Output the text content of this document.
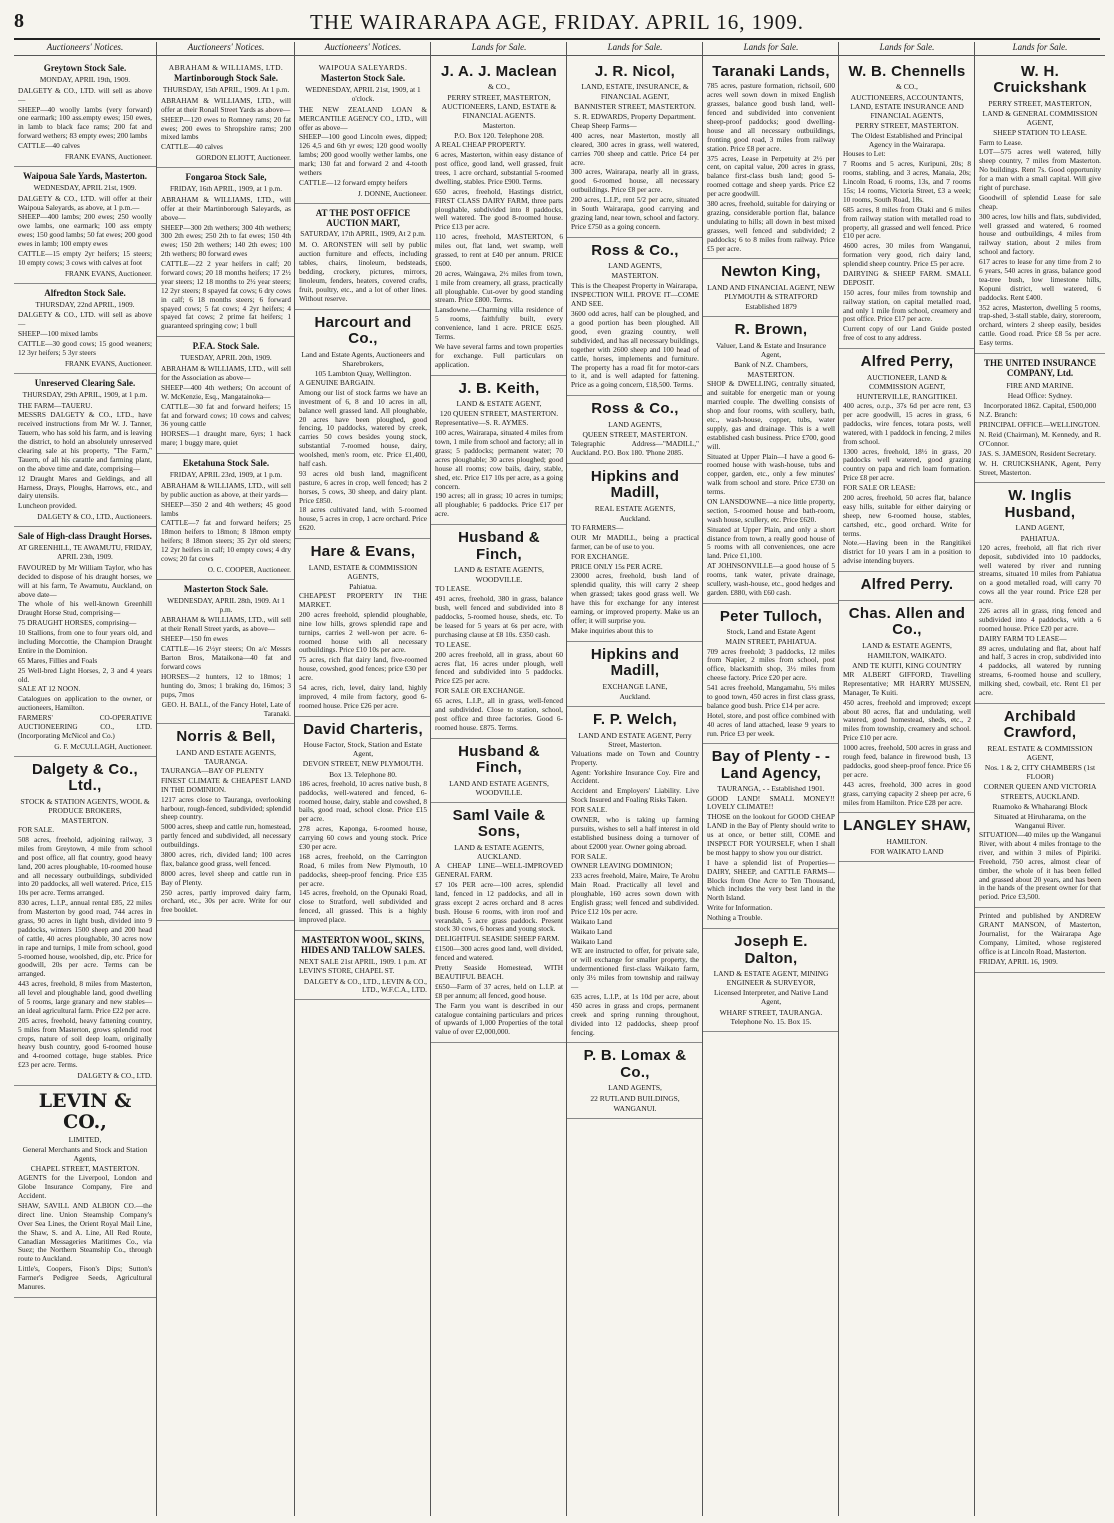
8	THE WAIRARAPA AGE, FRIDAY. APRIL 16, 1909.
Auctioneers' Notices.
Greytown Stock Sale.
MONDAY, APRIL 19th, 1909.

DALGETY & CO., LTD. will sell as above—

SHEEP—40 woolly lambs (very forward) one earmark; 100 ass.empty ewes; 150 ewes, in lamb to black face rams; 200 fat and forward wethers; 83 empty ewes; 200 lambs

CATTLE—40 calves

FRANK EVANS, Auctioneer.
Waipoua Sale Yards, Masterton.
WEDNESDAY, APRIL 21st, 1909.

DALGETY & CO., LTD. will offer at their Waipoua Saleyards, as above, at 1 p.m.—

SHEEP—400 lambs; 200 ewes; 250 woolly owe lambs, one earmark; 100 ass empty ewes; 150 good lambs; 50 fat ewes; 200 good ewes in lamb; 100 empty ewes

CATTLE—15 empty 2yr heifers; 15 steers; 10 empty cows; 3 cows with calves at foot

FRANK EVANS, Auctioneer.
Alfredton Stock Sale.
THURSDAY, 22nd APRIL, 1909.

DALGETY & CO., LTD. will sell as above—

SHEEP—100 mixed lambs

CATTLE—30 good cows; 15 good weaners; 12 3yr heifers; 5 3yr steers

FRANK EVANS, Auctioneer.
Unreserved Clearing Sale.
THURSDAY, 29th APRIL, 1909, at 1 p.m.

THE FARM—TAUERU.

MESSRS DALGETY & CO., LTD., have received instructions from Mr W. J. Tanner, Tauern, who has sold his farm, and is leaving the district, to hold an absolutely unreserved clearing sale at his property, "The Farm," Tauern, of all his carattle and farming plant, on the above time and date, comprising—

12 Draught Mares and Geldings, and all Harness, Drays, Ploughs, Harrows, etc., and dairy utensils.

Luncheon provided.

DALGETY & CO., LTD., Auctioneers.
Sale of High-class Draught Horses.
AT GREENHILL, TE AWAMUTU, FRIDAY, APRIL 23th, 1909.

FAVOURED by Mr William Taylor, who has decided to dispose of his draught horses, we will at his farm, Te Awamutu, Auckland, on above date—

The whole of his well-known Greenhill Draught Horse Stud, comprising—

75 DRAUGHT HORSES, comprising—

10 Stallions, from one to four years old, and including Morcottie, the Champion Draught Entire in the Dominion.

65 Mares, Fillies and Foals

25 Well-bred Light Horses, 2, 3 and 4 years old.

SALE AT 12 NOON.

Catalogues on application to the owner, or auctioneers, Hamilton.

FARMERS' CO-OPERATIVE AUCTIONEERING CO., LTD. (Incorporating McNicol and Co.)

G. F. McCULLAGH, Auctioneer.
Dalgety & Co., Ltd.,
STOCK & STATION AGENTS, WOOL & PRODUCE BROKERS,
MASTERTON.

FOR SALE.

508 acres, freehold, adjoining railway, 3 miles from Greytown, 4 mile from school and post office, all flat country, good heavy land, 200 acres ploughable, 10-roomed house and all necessary outbuildings, subdivided into 20 paddocks, all well watered. Price, £15 10s per acre. Terms arranged.

830 acres, L.I.P., annual rental £85, 22 miles from Masterton by good road, 744 acres in grass, 90 acres in light bush, divided into 9 paddocks, winters 1500 sheep and 200 head of cattle, 40 acres ploughable, 30 acres now in rape and turnips, 1 mile from school, good 5-roomed house, woolshed, dip, etc. Price for goodwill, 20s per acre. Terms can be arranged.

443 acres, freehold, 8 miles from Masterton, all level and ploughable land, good dwelling of 5 rooms, large granary and new stables—an ideal agricultural farm. Price £22 per acre.

205 acres, freehold, heavy fattening country, 5 miles from Masterton, grows splendid root crops, nature of soil deep loam, originally heavy bush country, good 6-roomed house and 4-roomed cottage, huge stables. Price £23 per acre. Terms.

DALGETY & CO., LTD.
LEVIN & CO.,
LIMITED,
General Merchants and Stock and Station Agents,
CHAPEL STREET, MASTERTON.

AGENTS for the Liverpool, London and Globe Insurance Company, Fire and Accident.

SHAW, SAVILL AND ALBION CO.—the direct line. Union Steamship Company's Over Sea Lines, the Orient Royal Mail Line, the Shaw, S. and A. Line, All Red Route, Canadian Messageries Maritimes Co., via Suez; the Northern Steamship Co., through route to Auckland.

Little's, Coopers, Fison's Dips; Sutton's Farmer's Pedigree Seeds, Agricultural Manures.

Auctioneers' Notices.
ABRAHAM & WILLIAMS, LTD.
Martinborough Stock Sale.
THURSDAY, 15th APRIL, 1909. At 1 p.m.

ABRAHAM & WILLIAMS, LTD., will offer at their Ronall Street Yards as above—

SHEEP—120 ewes to Romney rams; 20 fat ewes; 200 ewes to Shropshire rams; 200 mixed lambs

CATTLE—40 calves

GORDON ELIOTT, Auctioneer.
Fongaroa Stock Sale,
FRIDAY, 16th APRIL, 1909, at 1 p.m.

ABRAHAM & WILLIAMS, LTD., will offer at their Martinborough Saleyards, as above—

SHEEP—300 2th wethers; 300 4th wethers; 300 2th ewes; 250 2th to fat ewes; 150 4th ewes; 150 2th wethers; 140 2th ewes; 100 2th wethers; 80 forward ewes

CATTLE—22 2 year heifers in calf; 20 forward cows; 20 18 months heifers; 17 2½ year steers; 12 18 months to 2½ year steers; 12 2yr steers; 8 spayed fat cows; 6 dry cows in calf; 6 18 months steers; 6 forward spayed cows; 5 fat cows; 4 2yr heifers; 4 spayed fat cows; 2 prime fat heifers; 1 guaranteed springing cow; 1 bull

P.F.A. Stock Sale.
TUESDAY, APRIL 20th, 1909.

ABRAHAM & WILLIAMS, LTD., will sell for the Association as above—

SHEEP—400 4th wethers; On account of W. McKenzie, Esq., Mangatainoka—

CATTLE—30 fat and forward heifers; 15 fat and forward cows; 10 cows and calves; 36 young cattle

HORSES—1 draught mare, 6yrs; 1 hack mare; 1 buggy mare, quiet

Eketahuna Stock Sale.
FRIDAY, APRIL 23rd, 1909, at 1 p.m.

ABRAHAM & WILLIAMS, LTD., will sell by public auction as above, at their yards—

SHEEP—350 2 and 4th wethers; 45 good lambs

CATTLE—7 fat and forward heifers; 25 18mon heifers to 18mon; 8 18mon empty heifers; 8 18mon steers; 35 2yr old steers; 12 2yr heifers in calf; 10 empty cows; 4 dry cows; 20 fat cows

O. C. COOPER, Auctioneer.
Masterton Stock Sale.
WEDNESDAY, APRIL 28th, 1909. At 1 p.m.

ABRAHAM & WILLIAMS, LTD., will sell at their Renall Street yards, as above—

SHEEP—150 fm ewes

CATTLE—16 2½yr steers; On a/c Messrs Barton Bros, Mataikona—40 fat and forward cows

HORSES—2 hunters, 12 to 18mos; 1 hunting do, 3mos; 1 braking do, 16mos; 3 pups, 7mos

GEO. H. BALL, of the Fancy Hotel, Late of Taranaki.
Norris & Bell,
LAND AND ESTATE AGENTS, TAURANGA.

TAURANGA—BAY OF PLENTY

FINEST CLIMATE & CHEAPEST LAND IN THE DOMINION.

1217 acres close to Tauranga, overlooking harbour, rough-fenced, subdivided; splendid sheep country.

5000 acres, sheep and cattle run, homestead, partly fenced and subdivided, all necessary outbuildings.

3800 acres, rich, divided land; 100 acres flax, balance good grass, well fenced.

8000 acres, level sheep and cattle run in Bay of Plenty.

250 acres, partly improved dairy farm, orchard, etc., 30s per acre. Write for our free booklet.

Auctioneers' Notices.
WAIPOUA SALEYARDS.
Masterton Stock Sale.
WEDNESDAY, APRIL 21st, 1909, at 1 o'clock.

THE NEW ZEALAND LOAN & MERCANTILE AGENCY CO., LTD., will offer as above—

SHEEP—100 good Lincoln ewes, dipped; 126 4,5 and 6th yr ewes; 120 good woolly lambs; 200 good woolly wether lambs, one mark; 130 fat and forward 2 and 4-tooth wethers

CATTLE—12 forward empty heifers

J. DONNE, Auctioneer.
AT THE POST OFFICE AUCTION MART,
SATURDAY, 17th APRIL, 1909, At 2 p.m.

M. O. ARONSTEN will sell by public auction furniture and effects, including tables, chairs, linoleum, bedsteads, bedding, crockery, pictures, mirrors, linoleum, fenders, heaters, covered crafts, fruit, poultry, etc., and a lot of other lines. Without reserve.

Harcourt and Co.,
Land and Estate Agents, Auctioneers and Sharebrokers,
105 Lambton Quay, Wellington.

A GENUINE BARGAIN.

Among our list of stock farms we have an investment of 6, 8 and 10 acres in all, balance well grassed land. All ploughable, 20 acres have been ploughed, good fencing, 10 paddocks, watered by creek, carries 50 cows besides young stock, substantial 7-roomed house, dairy, woolshed, men's room, etc. Price £1,400, half cash.

93 acres old bush land, magnificent pasture, 6 acres in crop, well fenced; has 2 horses, 5 cows, 30 sheep, and dairy plant. Price £850.

18 acres cultivated land, with 5-roomed house, 5 acres in crop, 1 acre orchard. Price £620.

Hare & Evans,
LAND, ESTATE & COMMISSION AGENTS,
Pahiatua.

CHEAPEST PROPERTY IN THE MARKET.

200 acres freehold, splendid ploughable, nine low hills, grows splendid rape and turnips, carries 2 well-won per acre. 6-roomed house with all necessary outbuildings. Price £10 10s per acre.

75 acres, rich flat dairy land, five-roomed house, cowshed, good fences; price £30 per acre.

54 acres, rich, level, dairy land, highly improved, 4 mile from factory, good 6-roomed house. Price £26 per acre.

David Charteris,
House Factor, Stock, Station and Estate Agent,
DEVON STREET, NEW PLYMOUTH.
Box 13. Telephone 80.

186 acres, freehold, 10 acres native bush, 8 paddocks, well-watered and fenced, 6-roomed house, dairy, stable and cowshed, 8 bails, good road, school close. Price £15 per acre.

278 acres, Kaponga, 6-roomed house, carrying 60 cows and young stock. Price £30 per acre.

168 acres, freehold, on the Carrington Road, 6 miles from New Plymouth, 10 paddocks, sheep-proof fencing. Price £35 per acre.

145 acres, freehold, on the Opunaki Road, close to Stratford, well subdivided and fenced, all grassed. This is a highly improved place.

MASTERTON WOOL, SKINS, HIDES AND TALLOW SALES.

NEXT SALE 21st APRIL, 1909. 1 p.m. AT LEVIN'S STORE, CHAPEL ST.

DALGETY & CO., LTD., LEVIN & CO., LTD., W.F.C.A., LTD.
Lands for Sale.
J. A. J. Maclean
& CO.,
PERRY STREET, MASTERTON, AUCTIONEERS, LAND, ESTATE & FINANCIAL AGENTS.
Masterton.
P.O. Box 120. Telephone 208.

A REAL CHEAP PROPERTY.

6 acres, Masterton, within easy distance of post office, good land, well grassed, fruit trees, 1 acre orchard, substantial 5-roomed dwelling, stables. Price £900. Terms.

650 acres, freehold, Hastings district, FIRST CLASS DAIRY FARM, three parts ploughable, subdivided into 8 paddocks, well watered. The good 8-roomed house. Price £13 per acre.

110 acres, freehold, MASTERTON, 6 miles out, flat land, wet swamp, well grassed, to rent at £40 per annum. PRICE £600.

20 acres, Waingawa, 2½ miles from town, 1 mile from creamery, all grass, practically all ploughable. Cut-over by good standing stream. Price £800. Terms.

Lansdowne.—Charming villa residence of 5 rooms, faithfully built, every convenience, land 1 acre. PRICE £625. Terms.

We have several farms and town properties for exchange. Full particulars on application.

J. B. Keith,
LAND & ESTATE AGENT,
120 QUEEN STREET, MASTERTON.

Representative—S. R. AYMES.

100 acres, Wairarapa, situated 4 miles from town, 1 mile from school and factory; all in grass; 5 paddocks; permanent water; 70 acres ploughable; 30 acres ploughed; good house all rooms; cow bails, dairy, stable, shed, etc. Price £17 10s per acre, as a going concern.

190 acres; all in grass; 10 acres in turnips; all ploughable; 6 paddocks. Price £17 per acre.

Husband & Finch,
LAND & ESTATE AGENTS,
WOODVILLE.

TO LEASE.

491 acres, freehold, 380 in grass, balance bush, well fenced and subdivided into 8 paddocks, 5-roomed house, sheds, etc. To be leased for 5 years at 6s per acre, with purchasing clause at £8 10s. £350 cash.

TO LEASE.

200 acres freehold, all in grass, about 60 acres flat, 16 acres under plough, well fenced and subdivided into 5 paddocks. Price £25 per acre.

FOR SALE OR EXCHANGE.

65 acres, L.I.P., all in grass, well-fenced and subdivided. Close to station, school, post office and three factories. Good 6-roomed house. £875. Terms.

Husband & Finch,
LAND AND ESTATE AGENTS, WOODVILLE.
Saml Vaile & Sons,
LAND & ESTATE AGENTS, AUCKLAND.

A CHEAP LINE—WELL-IMPROVED GENERAL FARM.

£7 10s PER acre—100 acres, splendid land, fenced in 12 paddocks, and all in grass except 2 acres orchard and 8 acres bush. House 6 rooms, with iron roof and verandah, 5 acre grass paddock. Present stock 30 cows, 6 horses and young stock.

DELIGHTFUL SEASIDE SHEEP FARM.

£1500—300 acres good land, well divided, fenced and watered.

Pretty Seaside Homestead, WITH BEAUTIFUL BEACH.

£650—Farm of 37 acres, held on L.I.P. at £8 per annum; all fenced, good house.

The Farm you want is described in our catalogue containing particulars and prices of upwards of 1,000 Properties of the total value of over £2,000,000.

Lands for Sale.
J. R. Nicol,
LAND, ESTATE, INSURANCE, & FINANCIAL AGENT,
BANNISTER STREET, MASTERTON.
S. R. EDWARDS, Property Department.

Cheap Sheep Farms—

400 acres, near Masterton, mostly all cleared, 300 acres in grass, well watered, carries 700 sheep and cattle. Price £4 per acre.

300 acres, Wairarapa, nearly all in grass, good 6-roomed house, all necessary outbuildings. Price £8 per acre.

200 acres, L.I.P., rent 5/2 per acre, situated in South Wairarapa, good carrying and grazing land, near town, school and factory. Price £750 as a going concern.

Ross & Co.,
LAND AGENTS,
MASTERTON.

This is the Cheapest Property in Wairarapa,

INSPECTION WILL PROVE IT—COME AND SEE.

3600 odd acres, half can be ploughed, and a good portion has been ploughed. All good, even grazing country, well subdivided, and has all necessary buildings, together with 2600 sheep and 100 head of cattle, horses, implements and furniture. The property has a road fit for motor-cars to it, and is well adapted for fattening. Price as a going concern, £18,500. Terms.

Ross & Co.,
LAND AGENTS,
QUEEN STREET, MASTERTON.

Telegraphic Address—"MADILL," Auckland. P.O. Box 180. 'Phone 2085.

Hipkins and Madill,
REAL ESTATE AGENTS,
Auckland.

TO FARMERS—

OUR Mr MADILL, being a practical farmer, can be of use to you.

FOR EXCHANGE.

PRICE ONLY 15s PER ACRE.

23000 acres, freehold, bush land of splendid quality, this will carry 2 sheep when grassed; takes good grass well. We have this for exchange for any interest earning, or improved property. Make us an offer; it will surprise you.

Make inquiries about this to

Hipkins and Madill,
EXCHANGE LANE,
Auckland.
F. P. Welch,
LAND AND ESTATE AGENT, Perry Street, Masterton.

Valuations made on Town and Country Property.

Agent: Yorkshire Insurance Coy. Fire and Accident.

Accident and Employers' Liability. Live Stock Insured and Foaling Risks Taken.

FOR SALE.

OWNER, who is taking up farming pursuits, wishes to sell a half interest in old established business doing a turnover of about £2000 year. Owner going abroad.

FOR SALE.

OWNER LEAVING DOMINION;

233 acres freehold, Maire, Maire, Te Arohu Main Road. Practically all level and ploughable, 160 acres sown down with English grass; well fenced and subdivided. Price £12 10s per acre.

Waikato Land

Waikato Land

Waikato Land

WE are instructed to offer, for private sale, or will exchange for smaller property, the undermentioned first-class Waikato farm, only 3½ miles from township and railway—

635 acres, L.I.P., at 1s 10d per acre, about 450 acres in grass and crops, permanent creek and spring running throughout, divided into 12 paddocks, sheep proof fencing.

P. B. Lomax & Co.,
LAND AGENTS,
22 RUTLAND BUILDINGS,
WANGANUI.
Lands for Sale.
Taranaki Lands,

785 acres, pasture formation, richsoil, 600 acres well sown down in mixed English grasses, balance good bush land, well-fenced and subdivided into convenient sheep-proof paddocks; good dwelling-house and all necessary outbuildings, fronting good road, 3 miles from railway station. Price £8 per acre.

375 acres, Lease in Perpetuity at 2½ per cent, on capital value, 200 acres in grass, balance first-class bush land; good 5-roomed cottage and sheep yards. Price £2 per acre goodwill.

380 acres, freehold, suitable for dairying or grazing, considerable portion flat, balance undulating to hills; all down in best mixed grasses, well fenced and subdivided; 2 paddocks; 6 to 8 miles from railway. Price £5 per acre.

Newton King,
LAND AND FINANCIAL AGENT, NEW PLYMOUTH & STRATFORD
Established 1879
R. Brown,
Valuer, Land & Estate and Insurance Agent,
Bank of N.Z. Chambers,
MASTERTON.

SHOP & DWELLING, centrally situated, and suitable for energetic man or young married couple. The dwelling consists of shop and four rooms, with scullery, bath, etc., wash-house, copper, tubs, water supply, gas and drainage. This is a well established cash business. Price £700, good will.

Situated at Upper Plain—I have a good 6-roomed house with wash-house, tubs and copper, garden, etc., only a few minutes' walk from school and store. Price £730 on terms.

ON LANSDOWNE—a nice little property, section, 5-roomed house and bath-room, wash house, scullery, etc. Price £620.

Situated at Upper Plain, and only a short distance from town, a really good house of 5 rooms with all conveniences, one acre land. Price £1,100.

AT JOHNSONVILLE—a good house of 5 rooms, tank water, private drainage, scullery, wash-house, etc., good hedges and garden. £880, with £60 cash.

Peter Tulloch,
Stock, Land and Estate Agent
MAIN STREET, PAHIATUA.

709 acres freehold; 3 paddocks, 12 miles from Napier, 2 miles from school, post office, blacksmith shop, 3½ miles from cheese factory. Price £20 per acre.

541 acres freehold, Mangamahu, 5½ miles to good town, 450 acres in first class grass, balance good bush. Price £14 per acre.

Hotel, store, and post office combined with 40 acres of land attached, lease 9 years to run. Price £3 per week.

Bay of Plenty - - Land Agency,
TAURANGA, - - Established 1901.

GOOD LAND! SMALL MONEY!! LOVELY CLIMATE!!

THOSE on the lookout for GOOD CHEAP LAND in the Bay of Plenty should write to us at once, or better still, COME and INSPECT FOR YOURSELF, when I shall be most happy to show you our district.

I have a splendid list of Properties—DAIRY, SHEEP, and CATTLE FARMS—Blocks from One Acre to Ten Thousand, which includes the very best land in the North Island.

Write for Information.

Nothing a Trouble.

Joseph E. Dalton,
LAND & ESTATE AGENT, MINING ENGINEER & SURVEYOR,
Licensed Interpreter, and Native Land Agent,
WHARF STREET, TAURANGA. Telephone No. 15. Box 15.
Lands for Sale.
W. B. Chennells
& CO.,
AUCTIONEERS, ACCOUNTANTS, LAND, ESTATE INSURANCE AND FINANCIAL AGENTS,
PERRY STREET, MASTERTON.
The Oldest Established and Principal Agency in the Wairarapa.

Houses to Let:

7 Rooms and 5 acres, Kuripuni, 20s; 8 rooms, stabling, and 3 acres, Manaia, 20s; Lincoln Road, 6 rooms, 13s, and 7 rooms 15s; 14 rooms, Victoria Street, £3 a week; 10 rooms, South Road, 18s.

685 acres, 8 miles from Otaki and 6 miles from railway station with metalled road to property, all grassed and well fenced. Price £10 per acre.

4600 acres, 30 miles from Wanganui, formation very good, rich dairy land, splendid sheep country. Price £5 per acre.

DAIRYING & SHEEP FARM. SMALL DEPOSIT.

150 acres, four miles from township and railway station, on capital metalled road, and only 1 mile from school, creamery and post office. Price £17 per acre.

Current copy of our Land Guide posted free of cost to any address.

Alfred Perry,
AUCTIONEER, LAND & COMMISSION AGENT,
HUNTERVILLE, RANGITIKEI.

400 acres, o.r.p., 37s 6d per acre rent, £3 per acre goodwill, 15 acres in grass, 6 paddocks, wire fences, totara posts, well watered, with 1 paddock in fencing, 2 miles from school.

1300 acres, freehold, 18½ in grass, 20 paddocks well watered, good grazing country on papa and rich loam formation. Price £8 per acre.

FOR SALE OR LEASE:

200 acres, freehold, 50 acres flat, balance easy hills, suitable for either dairying or sheep, new 6-roomed house, stables, cartshed, etc., good orchard. Write for terms.

Note.—Having been in the Rangitikei district for 10 years I am in a position to advise intending buyers.

Alfred Perry.
Chas. Allen and Co.,
LAND & ESTATE AGENTS,
HAMILTON, WAIKATO.
AND TE KUITI, KING COUNTRY

MR ALBERT GIFFORD, Travelling Representative; MR HARRY MUSSEN, Manager, Te Kuiti.

450 acres, freehold and improved; except about 80 acres, flat and undulating, well watered, good homestead, sheds, etc., 2 miles from township, creamery and school. Price £10 per acre.

1000 acres, freehold, 500 acres in grass and rough feed, balance in firewood bush, 13 paddocks, good sheep-proof fence. Price £6 per acre.

443 acres, freehold, 300 acres in good grass, carrying capacity 2 sheep per acre, 6 miles from Hamilton. Price £28 per acre.

LANGLEY SHAW,
HAMILTON.
FOR WAIKATO LAND
Lands for Sale.
W. H. Cruickshank
PERRY STREET, MASTERTON,
LAND & GENERAL COMMISSION AGENT,
SHEEP STATION TO LEASE.

Farm to Lease.

LOT—575 acres well watered, hilly sheep country, 7 miles from Masterton. No buildings. Rent 7s. Good opportunity for a man with a small capital. Will give right of purchase.

Goodwill of splendid Lease for sale cheap.

300 acres, low hills and flats, subdivided, well grassed and watered, 6 roomed house and outbuildings, 4 miles from railway station, about 2 miles from school and factory.

617 acres to lease for any time from 2 to 6 years, 540 acres in grass, balance good tea-tree bush, low limestone hills, Kopuni district, well watered, 6 paddocks. Rent £400.

352 acres, Masterton, dwelling 5 rooms, trap-shed, 3-stall stable, dairy, storeroom, orchard, winters 2 sheep easily, besides cattle. Good road. Price £8 5s per acre. Easy terms.

THE UNITED INSURANCE COMPANY, Ltd.
FIRE AND MARINE.
Head Office: Sydney.
Incorporated 1862. Capital, £500,000

N.Z. Branch:

PRINCIPAL OFFICE—WELLINGTON.

N. Reid (Chairman), M. Kennedy, and R. O'Connor.

JAS. S. JAMESON, Resident Secretary.

W. H. CRUICKSHANK, Agent, Perry Street, Masterton.

W. Inglis Husband,
LAND AGENT,
PAHIATUA.

120 acres, freehold, all flat rich river deposit, subdivided into 10 paddocks, well watered by river and running streams, situated 10 miles from Pahiatua on a good metalled road, will carry 70 cows all the year round. Price £28 per acre.

226 acres all in grass, ring fenced and subdivided into 4 paddocks, with a 6 roomed house. Price £20 per acre.

DAIRY FARM TO LEASE—

89 acres, undulating and flat, about half and half, 3 acres in crop, subdivided into 4 paddocks, all watered by running streams, 6-roomed house and scullery, milking shed, cowbail, etc. Rent £1 per acre.

Archibald Crawford,
REAL ESTATE & COMMISSION AGENT,
Nos. 1 & 2, CITY CHAMBERS (1st FLOOR)
CORNER QUEEN AND VICTORIA STREETS, AUCKLAND.
Ruamoko & Whaharangi Block
Situated at Hiruharama, on the Wanganui River.

SITUATION—40 miles up the Wanganui River, with about 4 miles frontage to the river, and within 3 miles of Pipiriki. Freehold, 750 acres, almost clear of timber, the whole of it has been felled and grassed about 20 years, and has been in the hands of the present owner for that period. Price £3,500.

Printed and published by ANDREW GRANT MANSON, of Masterton, Journalist, for the Wairarapa Age Company, Limited, whose registered office is at Lincoln Road, Masterton.

FRIDAY, APRIL 16, 1909.
